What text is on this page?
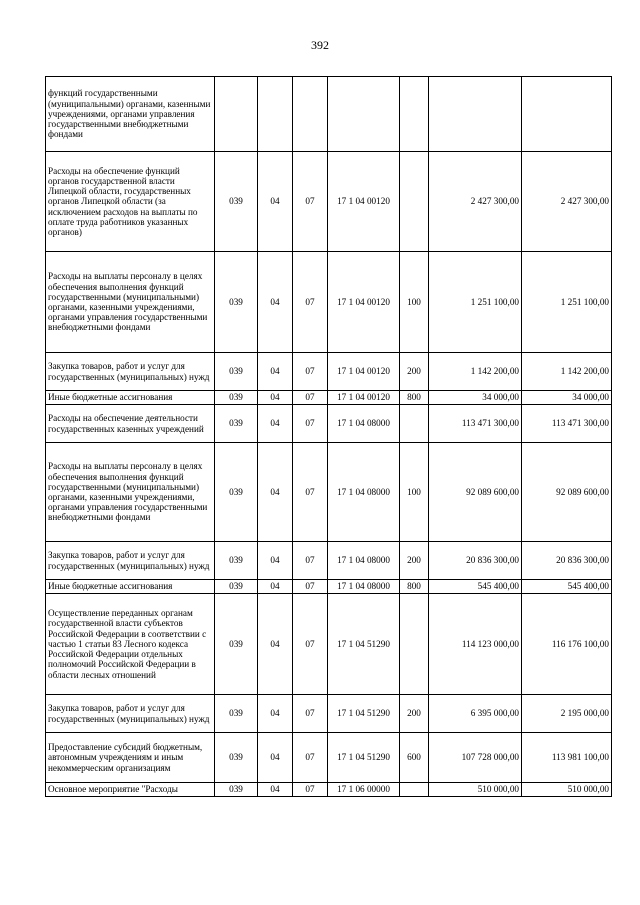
392
функций государственными (муниципальными) органами, казенными учреждениями, органами управления государственными внебюджетными фондами							
Расходы на обеспечение функций органов государственной власти Липецкой области, государственных органов Липецкой области (за исключением расходов на выплаты по оплате труда работников указанных органов)	039	04	07	17 1 04 00120		2 427 300,00	2 427 300,00
Расходы на выплаты персоналу в целях обеспечения выполнения функций государственными (муниципальными) органами, казенными учреждениями, органами управления государственными внебюджетными фондами	039	04	07	17 1 04 00120	100	1 251 100,00	1 251 100,00
Закупка товаров, работ и услуг для государственных (муниципальных) нужд	039	04	07	17 1 04 00120	200	1 142 200,00	1 142 200,00
Иные бюджетные ассигнования	039	04	07	17 1 04 00120	800	34 000,00	34 000,00
Расходы на обеспечение деятельности государственных казенных учреждений	039	04	07	17 1 04 08000		113 471 300,00	113 471 300,00
Расходы на выплаты персоналу в целях обеспечения выполнения функций государственными (муниципальными) органами, казенными учреждениями, органами управления государственными внебюджетными фондами	039	04	07	17 1 04 08000	100	92 089 600,00	92 089 600,00
Закупка товаров, работ и услуг для государственных (муниципальных) нужд	039	04	07	17 1 04 08000	200	20 836 300,00	20 836 300,00
Иные бюджетные ассигнования	039	04	07	17 1 04 08000	800	545 400,00	545 400,00
Осуществление переданных органам государственной власти субъектов Российской Федерации в соответствии с частью 1 статьи 83 Лесного кодекса Российской Федерации отдельных полномочий Российской Федерации в области лесных отношений	039	04	07	17 1 04 51290		114 123 000,00	116 176 100,00
Закупка товаров, работ и услуг для государственных (муниципальных) нужд	039	04	07	17 1 04 51290	200	6 395 000,00	2 195 000,00
Предоставление субсидий бюджетным, автономным учреждениям и иным некоммерческим организациям	039	04	07	17 1 04 51290	600	107 728 000,00	113 981 100,00
Основное мероприятие "Расходы	039	04	07	17 1 06 00000		510 000,00	510 000,00
